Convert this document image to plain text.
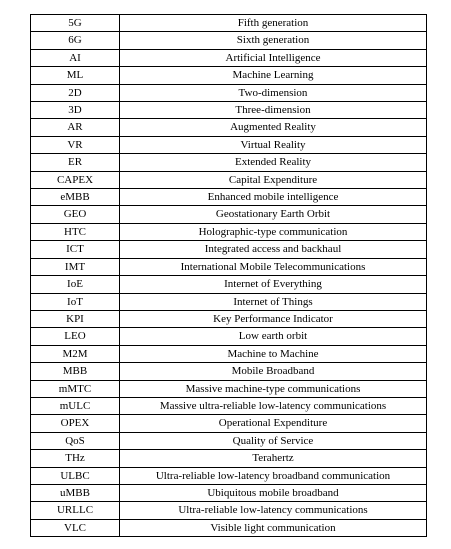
5G	Fifth generation
6G	Sixth generation
AI	Artificial Intelligence
ML	Machine Learning
2D	Two-dimension
3D	Three-dimension
AR	Augmented Reality
VR	Virtual Reality
ER	Extended Reality
CAPEX	Capital Expenditure
eMBB	Enhanced mobile intelligence
GEO	Geostationary Earth Orbit
HTC	Holographic-type communication
ICT	Integrated access and backhaul
IMT	International Mobile Telecommunications
IoE	Internet of Everything
IoT	Internet of Things
KPI	Key Performance Indicator
LEO	Low earth orbit
M2M	Machine to Machine
MBB	Mobile Broadband
mMTC	Massive machine-type communications
mULC	Massive ultra-reliable low-latency communications
OPEX	Operational Expenditure
QoS	Quality of Service
THz	Terahertz
ULBC	Ultra-reliable low-latency broadband communication
uMBB	Ubiquitous mobile broadband
URLLC	Ultra-reliable low-latency communications
VLC	Visible light communication
